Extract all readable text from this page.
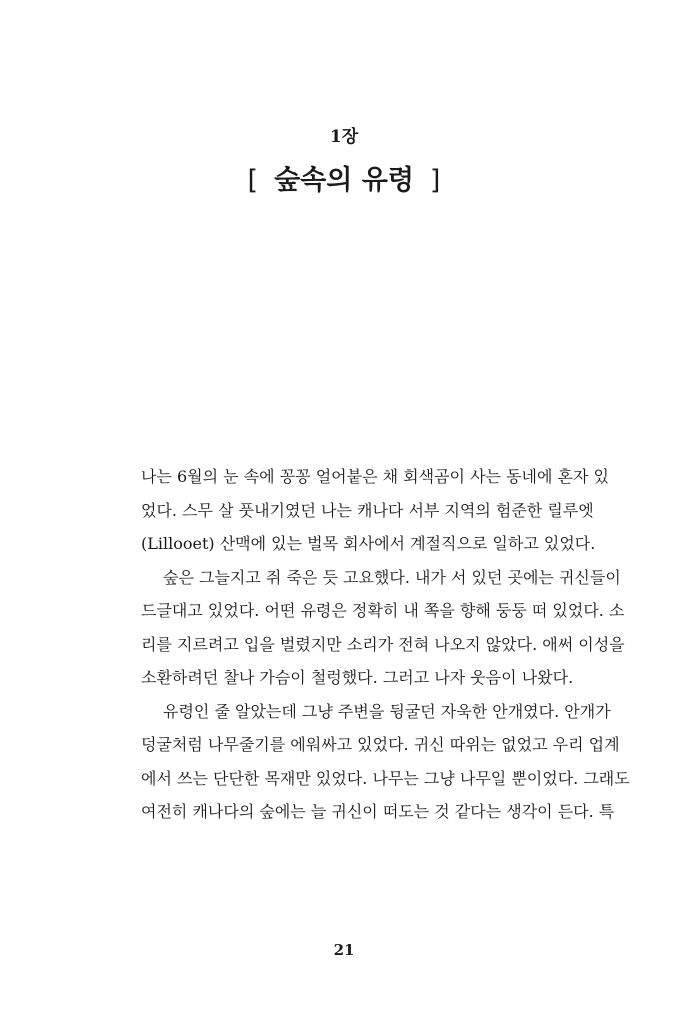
1장
[ 숲속의 유령 ]
나는 6월의 눈 속에 꽁꽁 얼어붙은 채 회색곰이 사는 동네에 혼자 있
었다. 스무 살 풋내기였던 나는 캐나다 서부 지역의 험준한 릴루엣
(Lillooet) 산맥에 있는 벌목 회사에서 계절직으로 일하고 있었다.
숲은 그늘지고 쥐 죽은 듯 고요했다. 내가 서 있던 곳에는 귀신들이
드글대고 있었다. 어떤 유령은 정확히 내 쪽을 향해 둥둥 떠 있었다. 소
리를 지르려고 입을 벌렸지만 소리가 전혀 나오지 않았다. 애써 이성을
소환하려던 찰나 가슴이 철렁했다. 그러고 나자 웃음이 나왔다.
유령인 줄 알았는데 그냥 주변을 뒹굴던 자욱한 안개였다. 안개가
덩굴처럼 나무줄기를 에워싸고 있었다. 귀신 따위는 없었고 우리 업계
에서 쓰는 단단한 목재만 있었다. 나무는 그냥 나무일 뿐이었다. 그래도
여전히 캐나다의 숲에는 늘 귀신이 떠도는 것 같다는 생각이 든다. 특
21
